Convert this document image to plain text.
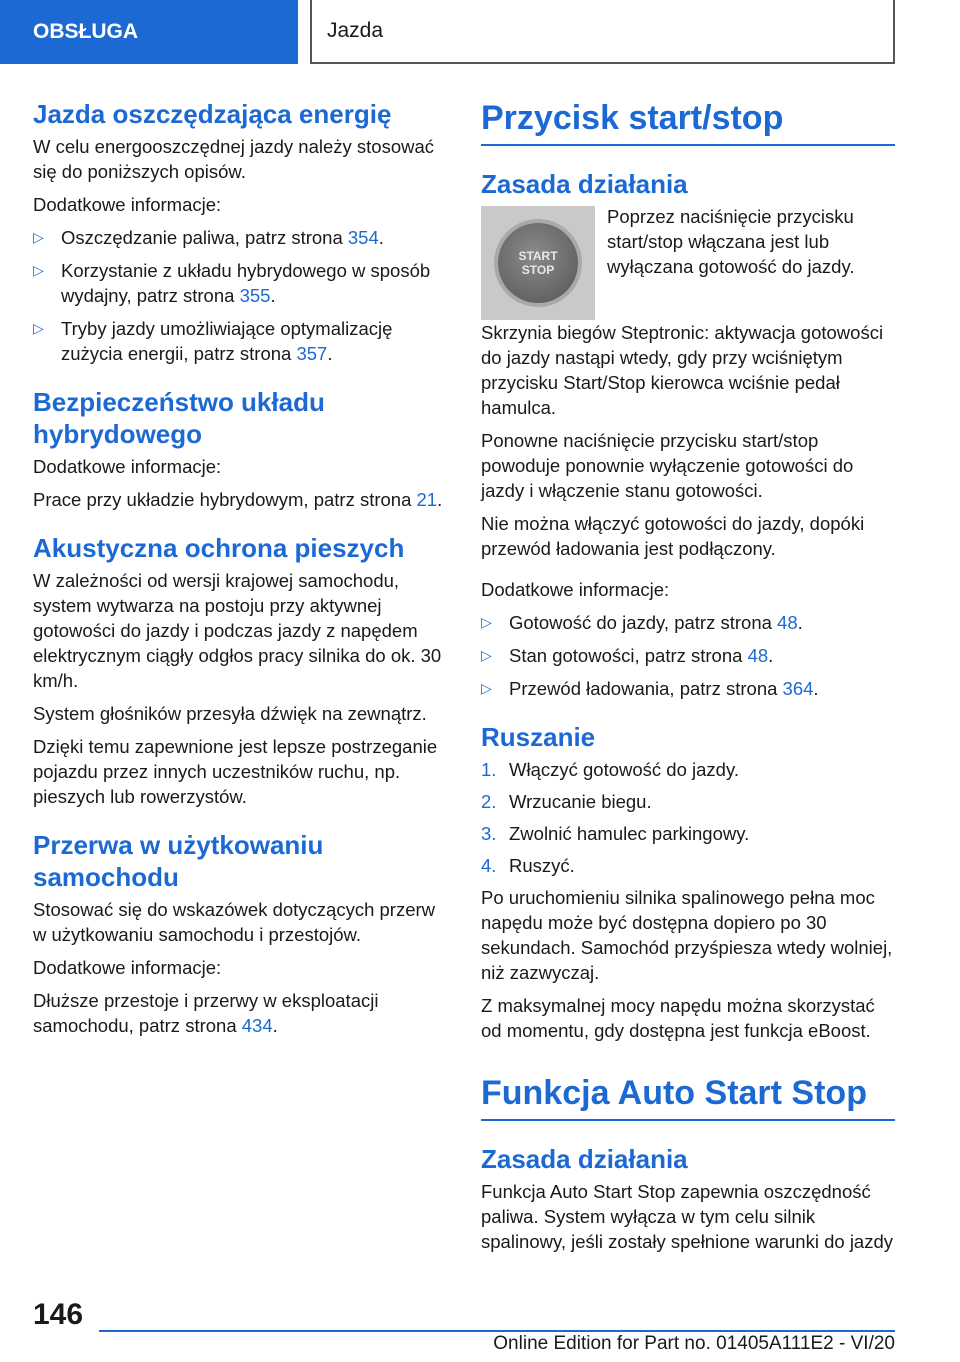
OBSŁUGA	Jazda
Jazda oszczędzająca energię

W celu energooszczędnej jazdy należy stosować się do poniższych opisów.

Dodatkowe informacje:

▷ Oszczędzanie paliwa, patrz strona 354.
▷ Korzystanie z układu hybrydowego w sposób wydajny, patrz strona 355.
▷ Tryby jazdy umożliwiające optymalizację zużycia energii, patrz strona 357.
Bezpieczeństwo układu hybrydowego

Dodatkowe informacje:

Prace przy układzie hybrydowym, patrz strona 21.

Akustyczna ochrona pieszych

W zależności od wersji krajowej samochodu, system wytwarza na postoju przy aktywnej gotowości do jazdy i podczas jazdy z napędem elektrycznym ciągły odgłos pracy silnika do ok. 30 km/h.

System głośników przesyła dźwięk na zewnątrz.

Dzięki temu zapewnione jest lepsze postrzeganie pojazdu przez innych uczestników ruchu, np. pieszych lub rowerzystów.

Przerwa w użytkowaniu samochodu

Stosować się do wskazówek dotyczących przerw w użytkowaniu samochodu i przestojów.

Dodatkowe informacje:

Dłuższe przestoje i przerwy w eksploatacji samochodu, patrz strona 434.

Przycisk start/stop
Zasada działania
START
STOP

Poprzez naciśnięcie przycisku start/stop włączana jest lub wyłączana gotowość do jazdy.

Skrzynia biegów Steptronic: aktywacja gotowości do jazdy nastąpi wtedy, gdy przy wciśniętym przycisku Start/Stop kierowca wciśnie pedał hamulca.

Ponowne naciśnięcie przycisku start/stop powoduje ponownie wyłączenie gotowości do jazdy i włączenie stanu gotowości.

Nie można włączyć gotowości do jazdy, dopóki przewód ładowania jest podłączony.

Dodatkowe informacje:

▷ Gotowość do jazdy, patrz strona 48.
▷ Stan gotowości, patrz strona 48.
▷ Przewód ładowania, patrz strona 364.
Ruszanie
1. Włączyć gotowość do jazdy.
2. Wrzucanie biegu.
3. Zwolnić hamulec parkingowy.
4. Ruszyć.

Po uruchomieniu silnika spalinowego pełna moc napędu może być dostępna dopiero po 30 sekundach. Samochód przyśpiesza wtedy wolniej, niż zazwyczaj.

Z maksymalnej mocy napędu można skorzystać od momentu, gdy dostępna jest funkcja eBoost.

Funkcja Auto Start Stop
Zasada działania

Funkcja Auto Start Stop zapewnia oszczędność paliwa. System wyłącza w tym celu silnik spalinowy, jeśli zostały spełnione warunki do jazdy

146
Online Edition for Part no. 01405A111E2 - VI/20
